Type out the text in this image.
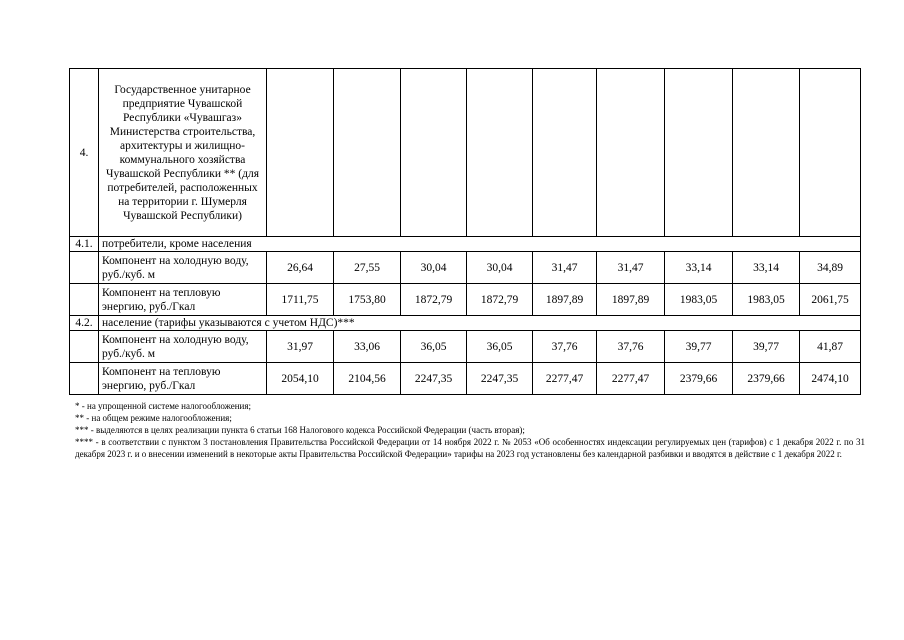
4.	Государственное унитарное предприятие Чувашской Республики «Чувашгаз» Министерства строительства, архитектуры и жилищно-коммунального хозяйства Чувашской Республики ** (для потребителей, расположенных на территории г. Шумерля Чувашской Республики)									
4.1.	потребители, кроме населения									
	Компонент на холодную воду, руб./куб. м	26,64	27,55	30,04	30,04	31,47	31,47	33,14	33,14	34,89
	Компонент на тепловую энергию, руб./Гкал	1711,75	1753,80	1872,79	1872,79	1897,89	1897,89	1983,05	1983,05	2061,75
4.2.	население (тарифы указываются с учетом НДС)***									
	Компонент на холодную воду, руб./куб. м	31,97	33,06	36,05	36,05	37,76	37,76	39,77	39,77	41,87
	Компонент на тепловую энергию, руб./Гкал	2054,10	2104,56	2247,35	2247,35	2277,47	2277,47	2379,66	2379,66	2474,10

* - на упрощенной системе налогообложения;

** - на общем режиме налогообложения;

*** - выделяются в целях реализации пункта 6 статьи 168 Налогового кодекса Российской Федерации (часть вторая);

**** - в соответствии с пунктом 3 постановления Правительства Российской Федерации от 14 ноября 2022 г. № 2053 «Об особенностях индексации регулируемых цен (тарифов) с 1 декабря 2022 г. по 31 декабря 2023 г. и о внесении изменений в некоторые акты Правительства Российской Федерации» тарифы на 2023 год установлены без календарной разбивки и вводятся в действие с 1 декабря 2022 г.
